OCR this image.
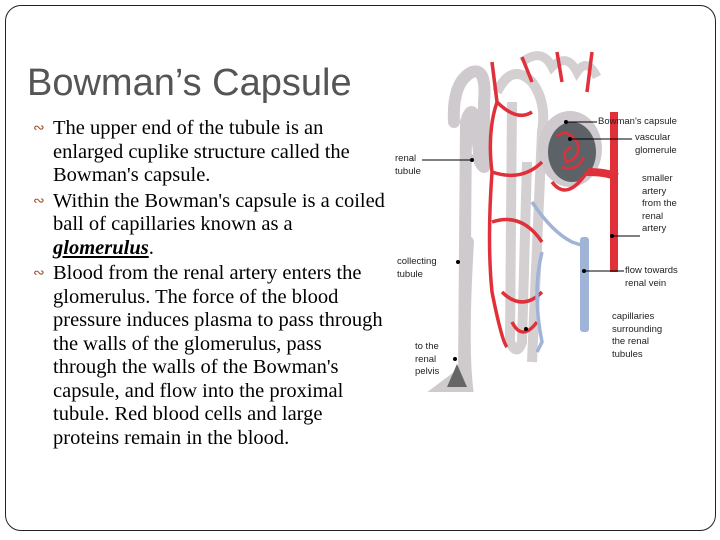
Bowman’s Capsule
∾ The upper end of the tubule is an enlarged cuplike structure called the Bowman's capsule.
∾ Within the Bowman's capsule is a coiled ball of capillaries known as a glomerulus.
∾ Blood from the renal artery enters the glomerulus. The force of the blood pressure induces plasma to pass through the walls of the glomerulus, pass through the walls of the Bowman's capsule, and flow into the proximal tubule. Red blood cells and large proteins remain in the blood.
Bowman's capsule
vascular
glomerule
renal
tubule
smaller
artery
from the
renal
artery
collecting
tubule	flow towards
renal vein
capillaries
surrounding
the renal
tubules
to the
renal
pelvis
